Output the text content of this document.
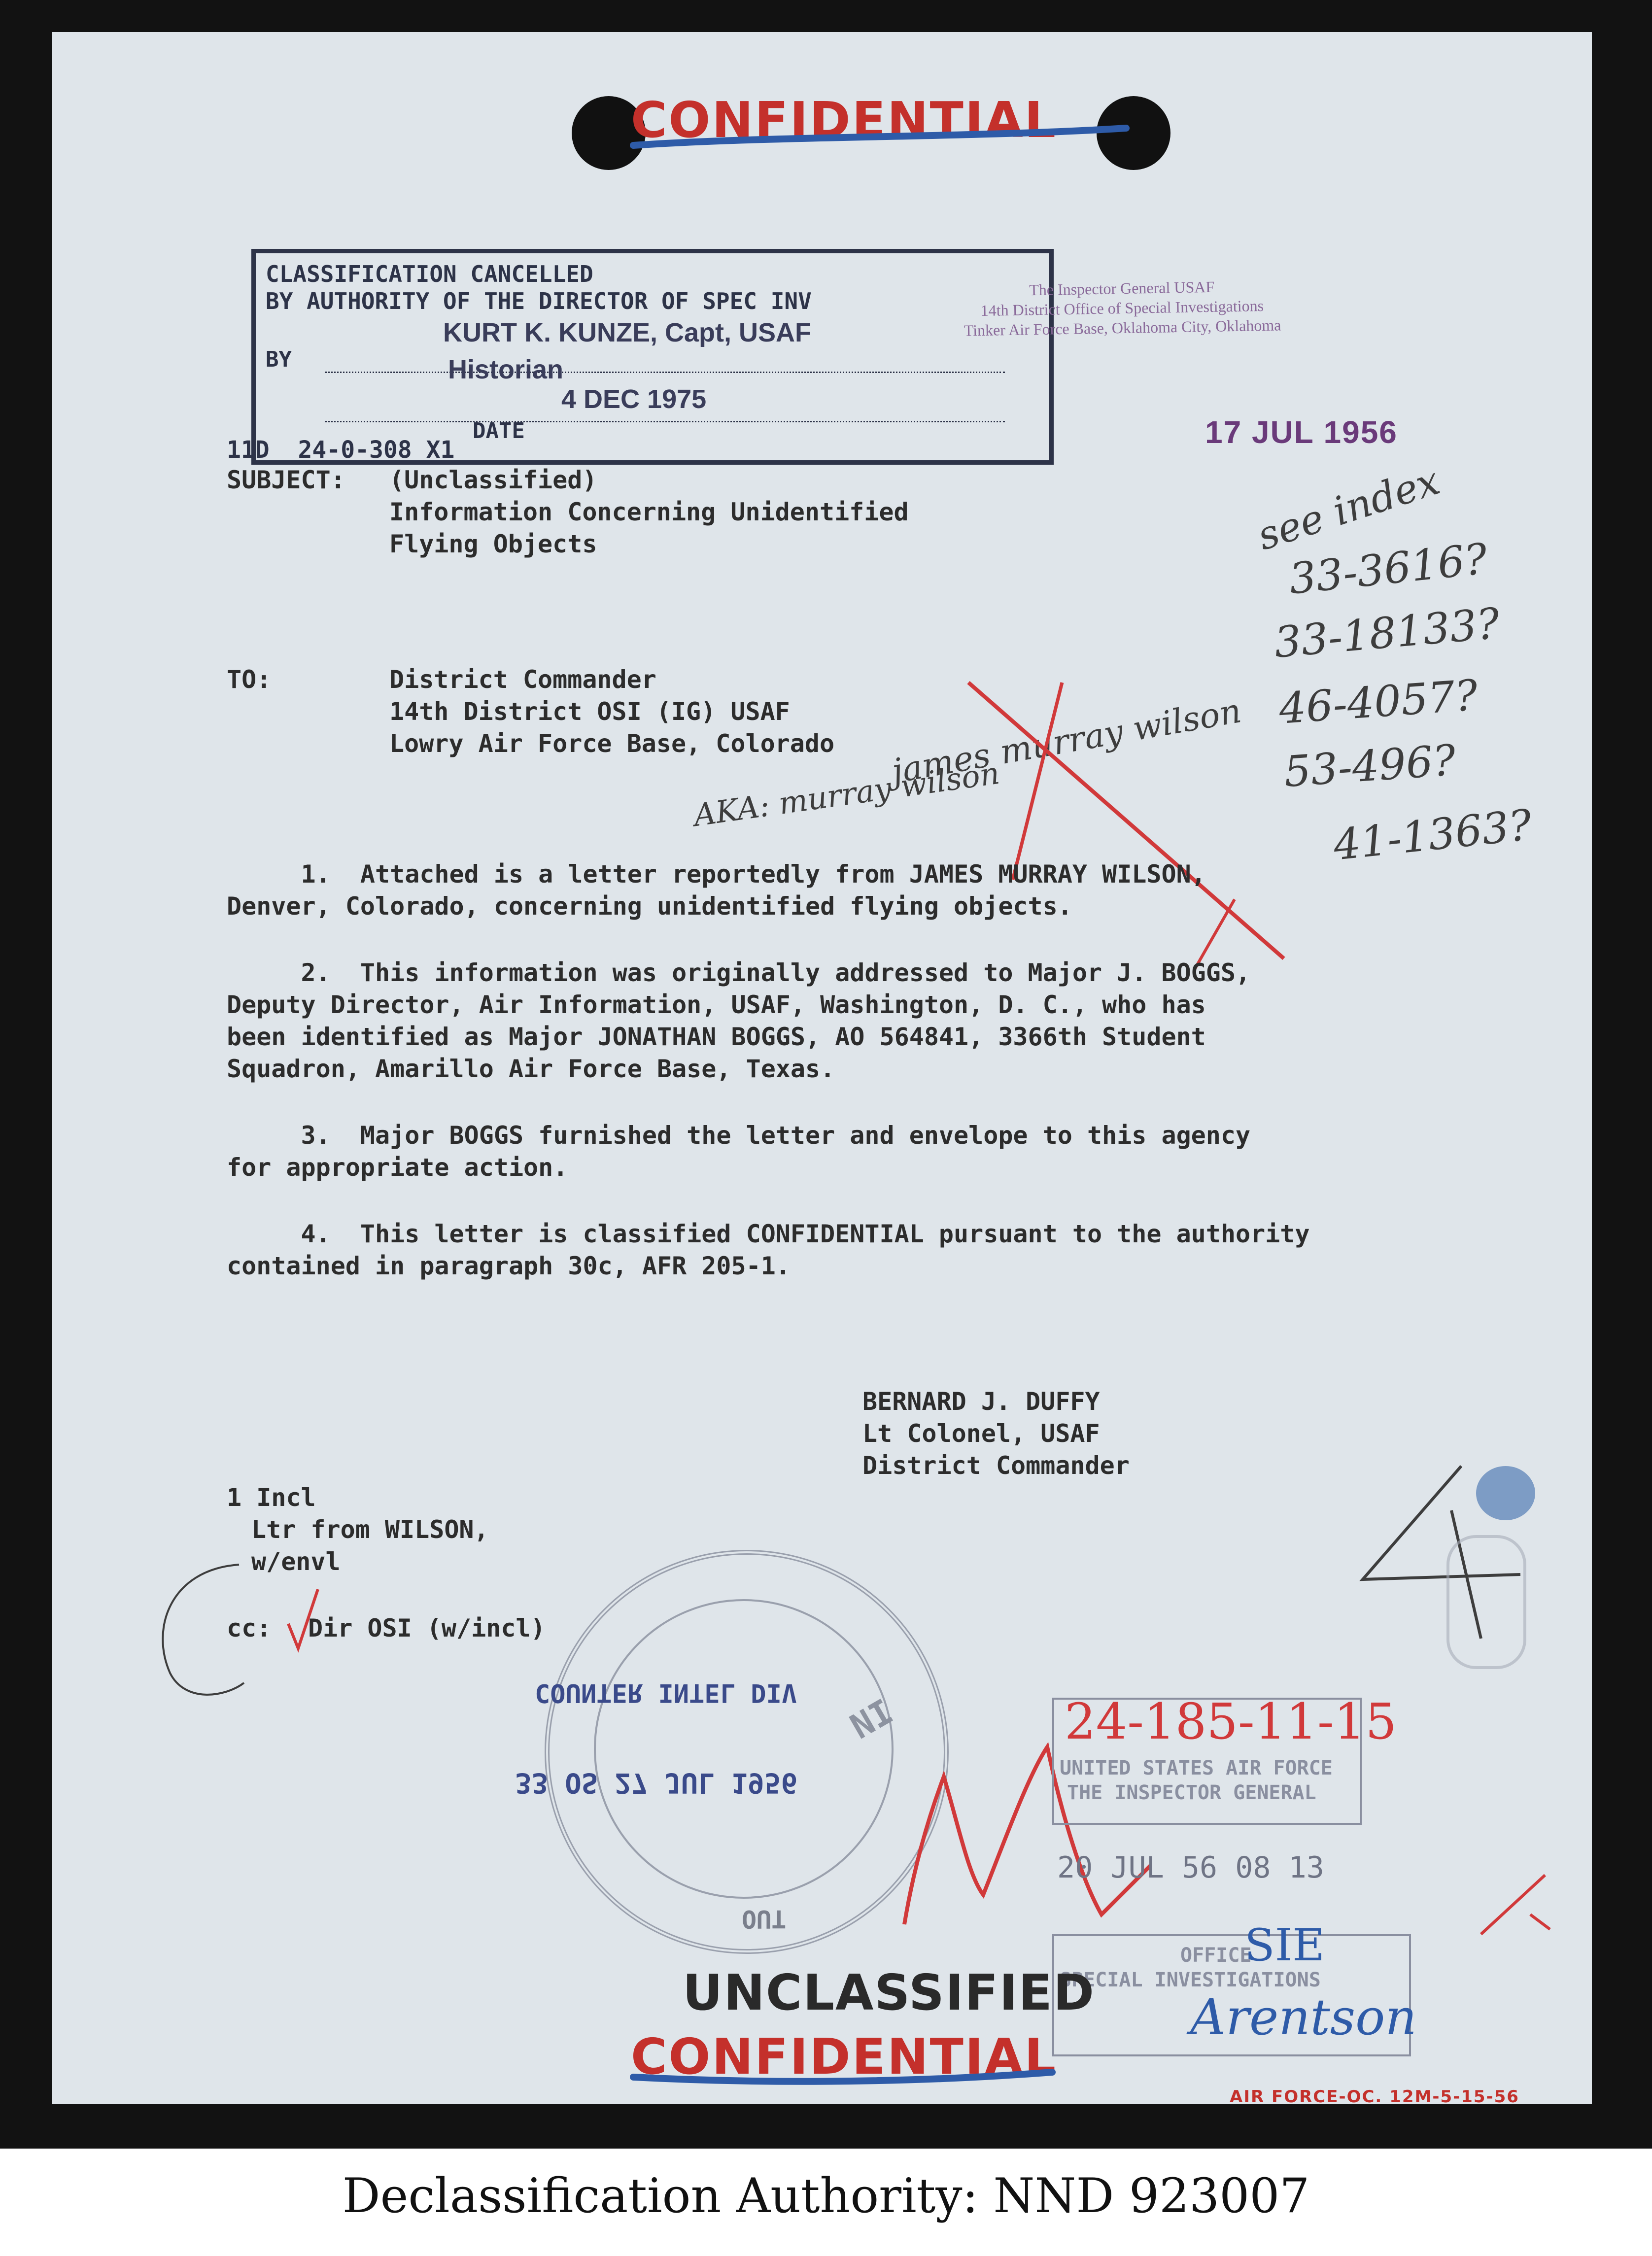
CONFIDENTIAL
CLASSIFICATION CANCELLED
BY AUTHORITY OF THE DIRECTOR OF SPEC INV
BY
KURT K. KUNZE, Capt, USAF
Historian
4 DEC 1975
DATE
11D  24-0-308 X1
The Inspector General USAF
14th District Office of Special Investigations
Tinker Air Force Base, Oklahoma City, Oklahoma
17 JUL 1956
SUBJECT: (Unclassified)
Information Concerning Unidentified
Flying Objects
TO:	District Commander
14th District OSI (IG) USAF
Lowry Air Force Base, Colorado
see index
33-3616?
33-18133?
46-4057?
53-496?
41-1363?
james murray wilson
AKA: murray wilson
1.  Attached is a letter reportedly from JAMES MURRAY WILSON,
Denver, Colorado, concerning unidentified flying objects.
2.  This information was originally addressed to Major J. BOGGS,
Deputy Director, Air Information, USAF, Washington, D. C., who has
been identified as Major JONATHAN BOGGS, AO 564841, 3366th Student
Squadron, Amarillo Air Force Base, Texas.
3.  Major BOGGS furnished the letter and envelope to this agency
for appropriate action.
4.  This letter is classified CONFIDENTIAL pursuant to the authority
contained in paragraph 30c, AFR 205-1.
BERNARD J. DUFFY
Lt Colonel, USAF
District Commander
1 Incl
Ltr from WILSON,
w/envl
cc: Dir OSI (w/incl)
COUNTER INTEL DIV
33 OS 27 JUL 1956
OUT
IN	24-185-11-15
UNITED STATES AIR FORCE
THE INSPECTOR GENERAL
20 JUL 56 08 13
OFFICE
SPECIAL INVESTIGATIONS
SIE
Arentson
UNCLASSIFIED
CONFIDENTIAL
AIR FORCE-OC. 12M-5-15-56
Declassification Authority: NND 923007
